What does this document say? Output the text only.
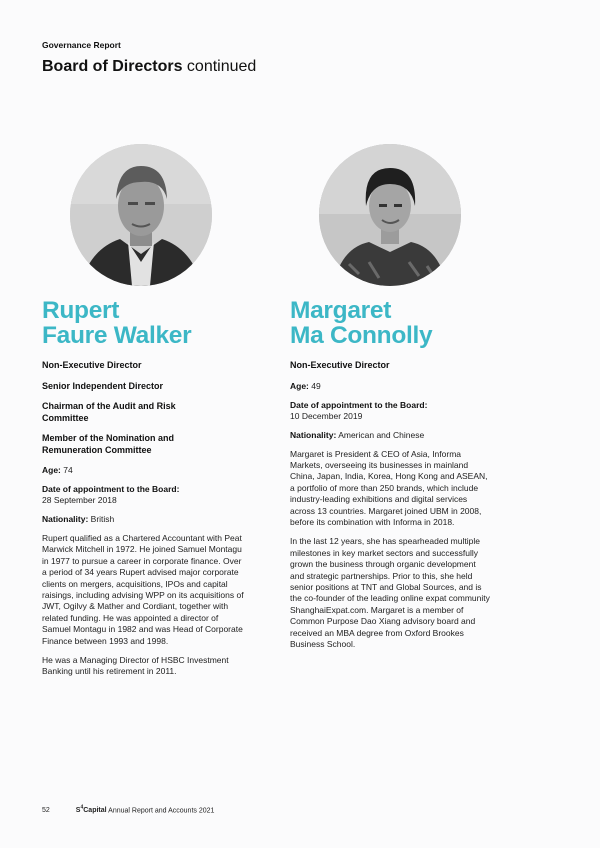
Governance Report
Board of Directors continued
Rupert
Faure Walker
Non-Executive Director
Senior Independent Director
Chairman of the Audit and Risk Committee
Member of the Nomination and Remuneration Committee
Age: 74
Date of appointment to the Board:
28 September 2018
Nationality: British

Rupert qualified as a Chartered Accountant with Peat Marwick Mitchell in 1972. He joined Samuel Montagu in 1977 to pursue a career in corporate finance. Over a period of 34 years Rupert advised major corporate clients on mergers, acquisitions, IPOs and capital raisings, including advising WPP on its acquisitions of JWT, Ogilvy & Mather and Cordiant, together with related funding. He was appointed a director of Samuel Montagu in 1982 and was Head of Corporate Finance between 1993 and 1998.

He was a Managing Director of HSBC Investment Banking until his retirement in 2011.

Margaret
Ma Connolly
Non-Executive Director
Age: 49
Date of appointment to the Board:
10 December 2019
Nationality: American and Chinese

Margaret is President & CEO of Asia, Informa Markets, overseeing its businesses in mainland China, Japan, India, Korea, Hong Kong and ASEAN, a portfolio of more than 250 brands, which include industry-leading exhibitions and digital services across 13 countries. Margaret joined UBM in 2008, before its combination with Informa in 2018.

In the last 12 years, she has spearheaded multiple milestones in key market sectors and successfully grown the business through organic development and strategic partnerships. Prior to this, she held senior positions at TNT and Global Sources, and is the co-founder of the leading online expat community ShanghaiExpat.com. Margaret is a member of Common Purpose Dao Xiang advisory board and received an MBA degree from Oxford Brookes Business School.

52	$S^4Capital$ Annual Report and Accounts 2021
